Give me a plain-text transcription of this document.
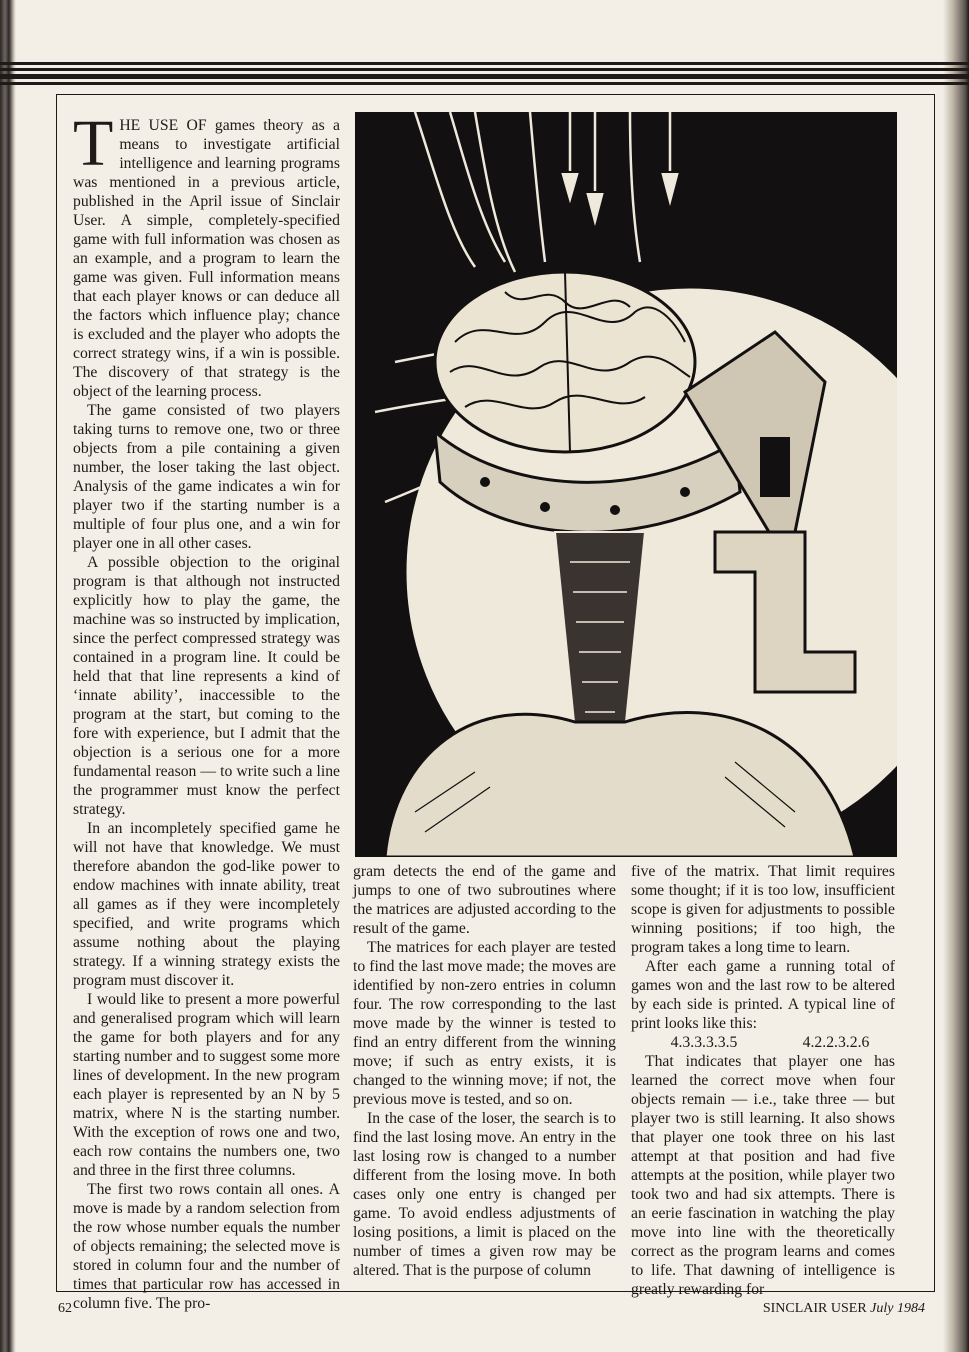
THE USE OF games theory as a means to investigate artificial intelligence and learning programs was mentioned in a previous article, published in the April issue of Sinclair User. A simple, completely-specified game with full information was chosen as an example, and a program to learn the game was given. Full information means that each player knows or can deduce all the factors which influence play; chance is excluded and the player who adopts the correct strategy wins, if a win is possible. The discovery of that strategy is the object of the learning process.

The game consisted of two players taking turns to remove one, two or three objects from a pile containing a given number, the loser taking the last object. Analysis of the game indicates a win for player two if the starting number is a multiple of four plus one, and a win for player one in all other cases.

A possible objection to the original program is that although not instructed explicitly how to play the game, the machine was so instructed by implication, since the perfect compressed strategy was contained in a program line. It could be held that that line represents a kind of ‘innate ability’, inaccessible to the program at the start, but coming to the fore with experience, but I admit that the objection is a serious one for a more fundamental reason — to write such a line the programmer must know the perfect strategy.

In an incompletely specified game he will not have that knowledge. We must therefore abandon the god-like power to endow machines with innate ability, treat all games as if they were incompletely specified, and write programs which assume nothing about the playing strategy. If a winning strategy exists the program must discover it.

I would like to present a more powerful and generalised program which will learn the game for both players and for any starting number and to suggest some more lines of development. In the new program each player is represented by an N by 5 matrix, where N is the starting number. With the exception of rows one and two, each row contains the numbers one, two and three in the first three columns.

The first two rows contain all ones. A move is made by a random selection from the row whose number equals the number of objects remaining; the selected move is stored in column four and the number of times that particular row has accessed in column five. The pro-

gram detects the end of the game and jumps to one of two subroutines where the matrices are adjusted according to the result of the game.

The matrices for each player are tested to find the last move made; the moves are identified by non-zero entries in column four. The row corresponding to the last move made by the winner is tested to find an entry different from the winning move; if such as entry exists, it is changed to the winning move; if not, the previous move is tested, and so on.

In the case of the loser, the search is to find the last losing move. An entry in the last losing row is changed to a number different from the losing move. In both cases only one entry is changed per game. To avoid endless adjustments of losing positions, a limit is placed on the number of times a given row may be altered. That is the purpose of column

five of the matrix. That limit requires some thought; if it is too low, insufficient scope is given for adjustments to possible winning positions; if too high, the program takes a long time to learn.

After each game a running total of games won and the last row to be altered by each side is printed. A typical line of print looks like this:

4.3.3.3.3.5	4.2.2.3.2.6

That indicates that player one has learned the correct move when four objects remain — i.e., take three — but player two is still learning. It also shows that player one took three on his last attempt at that position and had five attempts at the position, while player two took two and had six attempts. There is an eerie fascination in watching the play move into line with the theoretically correct as the program learns and comes to life. That dawning of intelligence is greatly rewarding for

62	SINCLAIR USER July 1984
